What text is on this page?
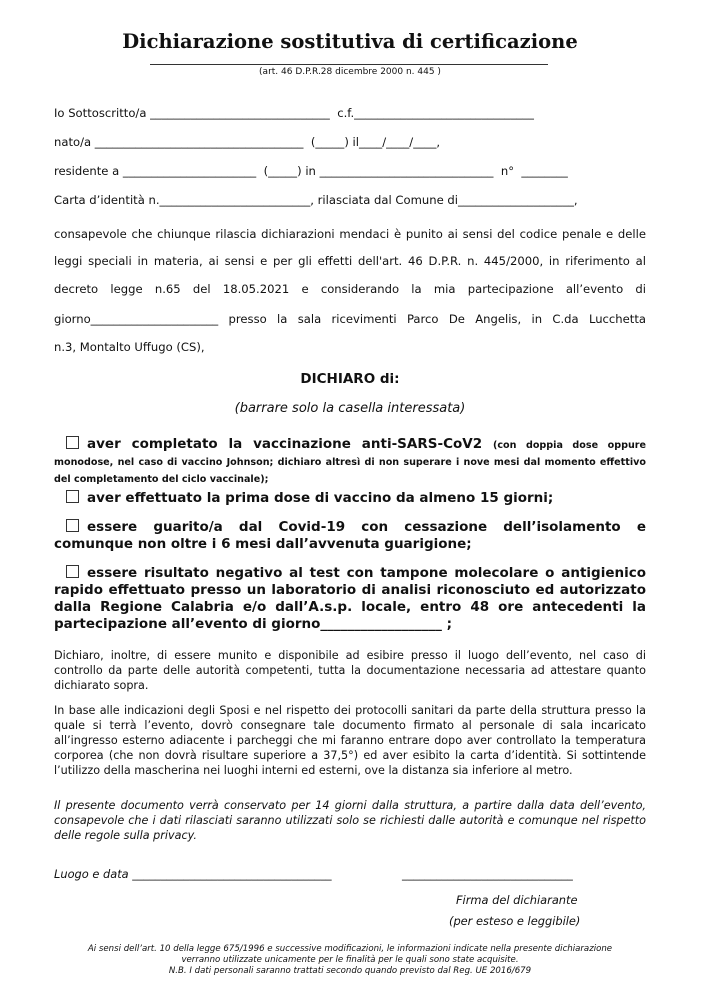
Dichiarazione sostitutiva di certificazione
(art. 46 D.P.R.28 dicembre 2000 n. 445 )
Io Sottoscritto/a _______________________________  c.f._______________________________
nato/a ____________________________________  (_____) il____/____/____,
residente a _______________________  (_____) in ______________________________  n°  ________
Carta d’identità n.__________________________, rilasciata dal Comune di____________________,
consapevole che chiunque rilascia dichiarazioni mendaci è punito ai sensi del codice penale e delle
leggi speciali in materia, ai sensi e per gli effetti dell'art. 46 D.P.R. n. 445/2000, in riferimento al
decreto legge n.65 del 18.05.2021 e considerando la mia partecipazione all’evento di
giorno______________________ presso la sala ricevimenti Parco De Angelis, in C.da Lucchetta
n.3, Montalto Uffugo (CS),
DICHIARO di:
(barrare solo la casella interessata)
aver completato la vaccinazione anti-SARS-CoV2 (con doppia dose oppure monodose, nel caso di vaccino Johnson; dichiaro altresì di non superare i nove mesi dal momento effettivo del completamento del ciclo vaccinale);
aver effettuato la prima dose di vaccino da almeno 15 giorni;
essere guarito/a dal Covid-19 con cessazione dell’isolamento e comunque non oltre i 6 mesi dall’avvenuta guarigione;
essere risultato negativo al test con tampone molecolare o antigienico rapido effettuato presso un laboratorio di analisi riconosciuto ed autorizzato dalla Regione Calabria e/o dall’A.s.p. locale, entro 48 ore antecedenti la partecipazione all’evento di giorno__________________ ;
Dichiaro, inoltre, di essere munito e disponibile ad esibire presso il luogo dell’evento, nel caso di controllo da parte delle autorità competenti, tutta la documentazione necessaria ad attestare quanto dichiarato sopra.
In base alle indicazioni degli Sposi e nel rispetto dei protocolli sanitari da parte della struttura presso la quale si terrà l’evento, dovrò consegnare tale documento firmato al personale di sala incaricato all’ingresso esterno adiacente i parcheggi che mi faranno entrare dopo aver controllato la temperatura corporea (che non dovrà risultare superiore a 37,5°) ed aver esibito la carta d’identità. Si sottintende l’utilizzo della mascherina nei luoghi interni ed esterni, ove la distanza sia inferiore al metro.
Il presente documento verrà conservato per 14 giorni dalla struttura, a partire dalla data dell’evento, consapevole che i dati rilasciati saranno utilizzati solo se richiesti dalle autorità e comunque nel rispetto delle regole sulla privacy.
Luogo e data ___________________________________	______________________________
Firma del dichiarante
(per esteso e leggibile)
Ai sensi dell’art. 10 della legge 675/1996 e successive modificazioni, le informazioni indicate nella presente dichiarazione
verranno utilizzate unicamente per le finalità per le quali sono state acquisite.
N.B. I dati personali saranno trattati secondo quando previsto dal Reg. UE 2016/679
